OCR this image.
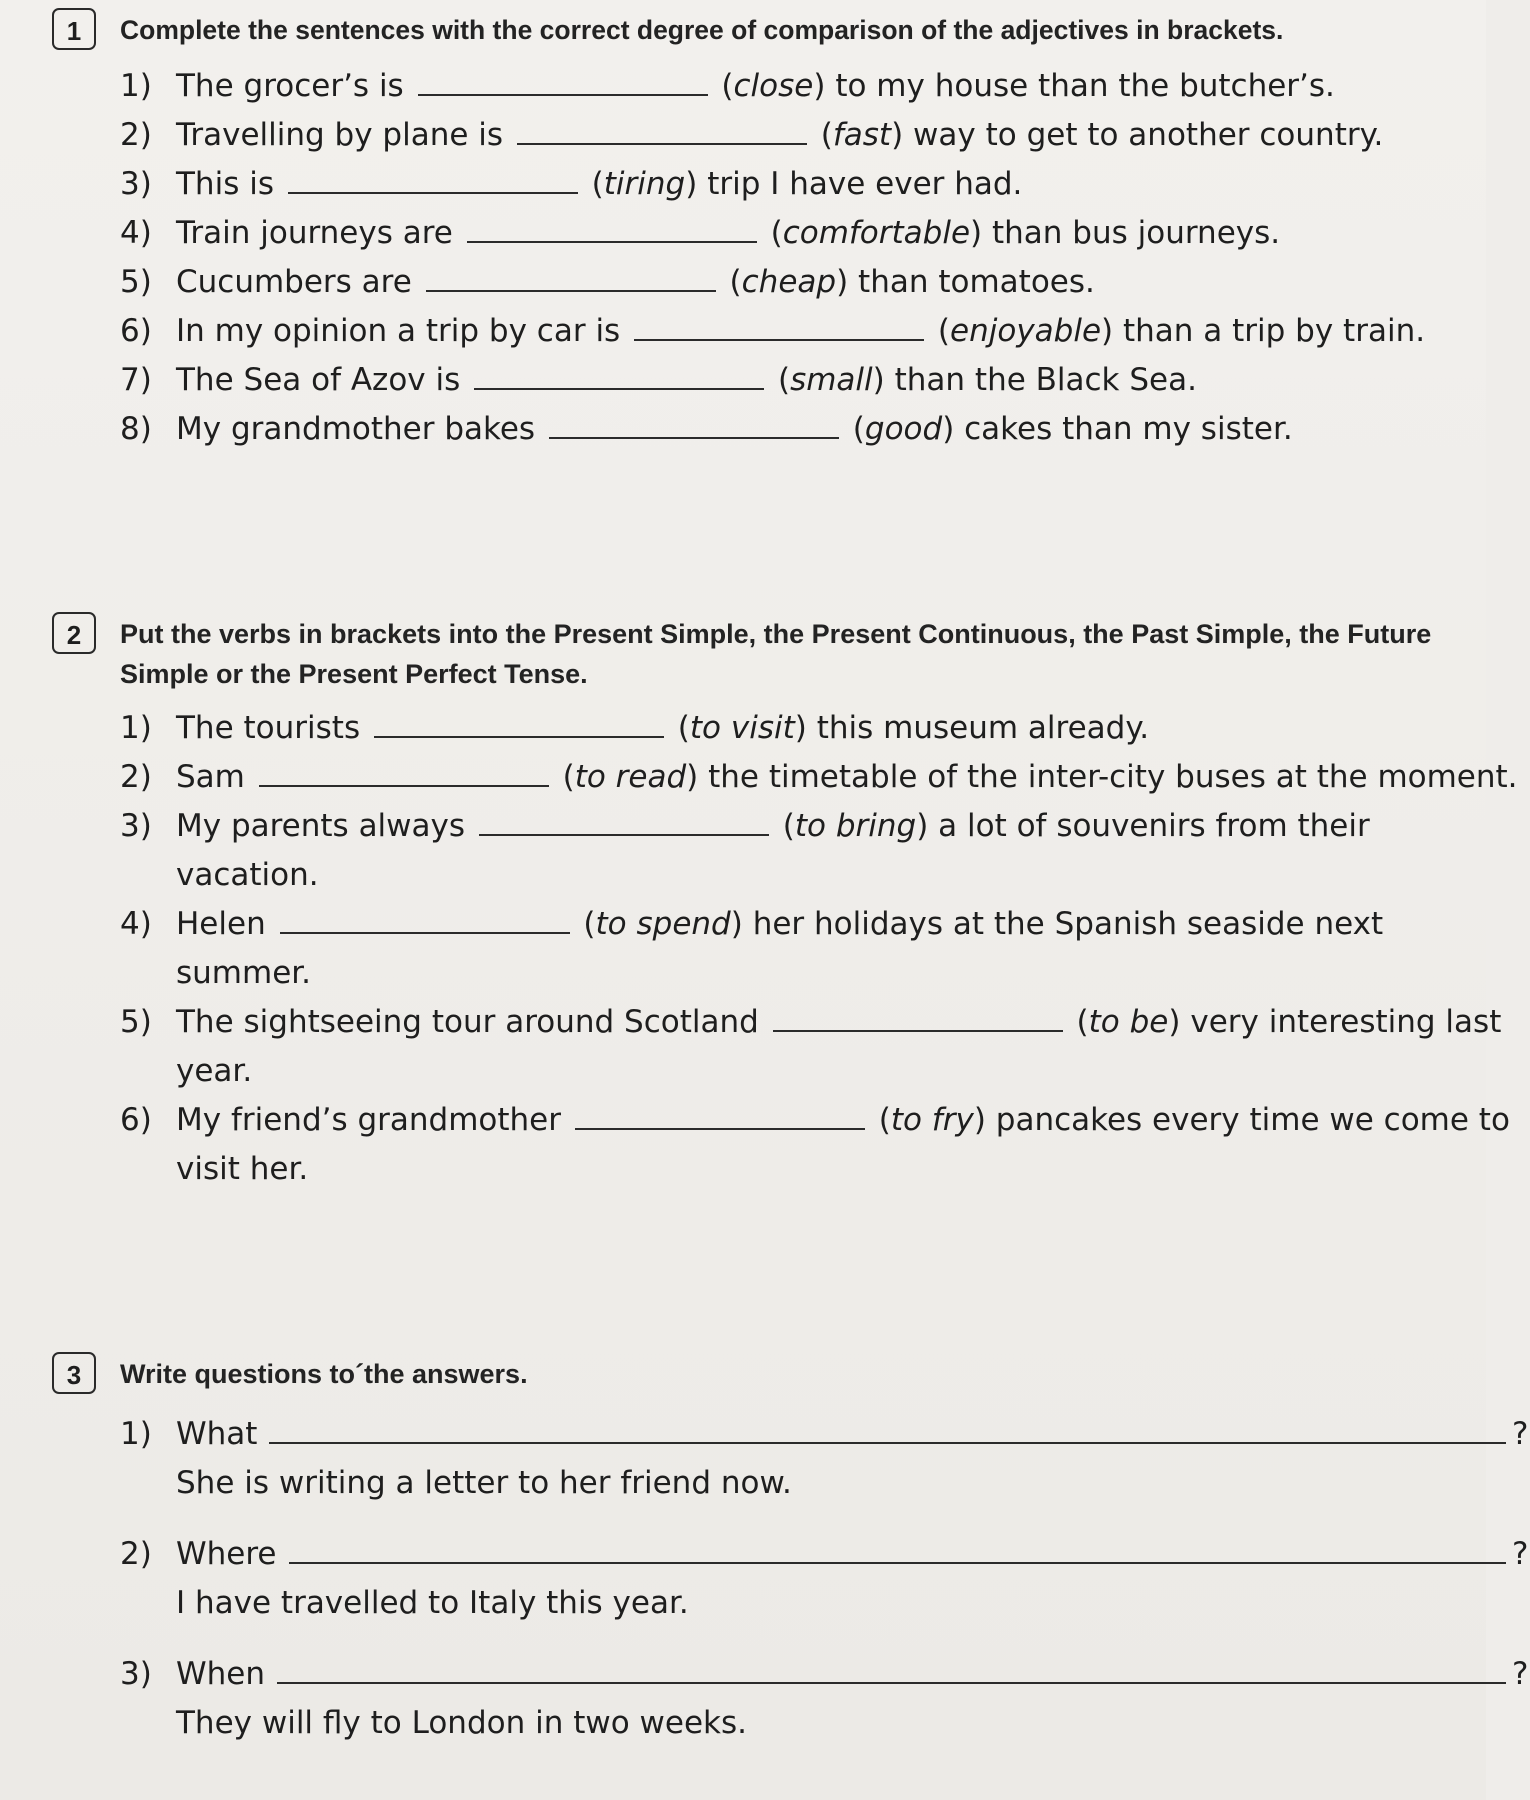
1	Complete the sentences with the correct degree of comparison of the adjectives in brackets.
1) The grocer’s is	(close) to my house than the butcher’s.
2) Travelling by plane is	(fast) way to get to another country.
3) This is	(tiring) trip I have ever had.
4) Train journeys are	(comfortable) than bus journeys.
5) Cucumbers are	(cheap) than tomatoes.
6) In my opinion a trip by car is	(enjoyable) than a trip by train.
7) The Sea of Azov is	(small) than the Black Sea.
8) My grandmother bakes	(good) cakes than my sister.
2	Put the verbs in brackets into the Present Simple, the Present Continuous, the Past Simple, the Future Simple or the Present Perfect Tense.
1) The tourists	(to visit) this museum already.
2) Sam	(to read) the timetable of the inter-city buses at the moment.
3) My parents always	(to bring) a lot of souvenirs from their vacation.
4) Helen	(to spend) her holidays at the Spanish seaside next summer.
5) The sightseeing tour around Scotland	(to be) very interesting last year.
6) My friend’s grandmother	(to fry) pancakes every time we come to visit her.
3	Write questions to´the answers.
1) What	?
She is writing a letter to her friend now.
2) Where	?
I have travelled to Italy this year.
3) When	?
They will fly to London in two weeks.
